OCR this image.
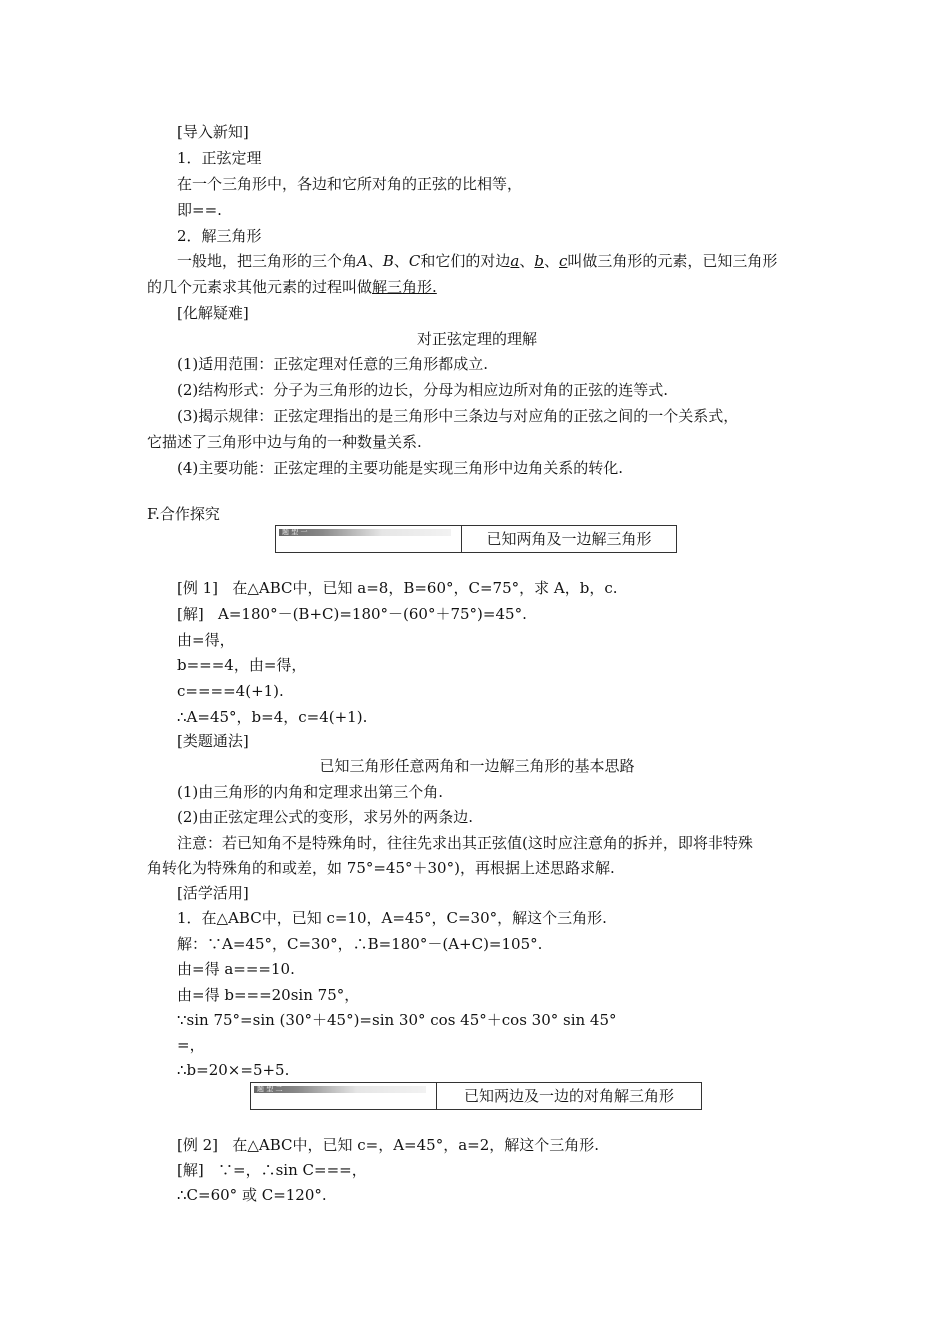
[导入新知]
1．正弦定理
在一个三角形中，各边和它所对角的正弦的比相等，
即==.
2．解三角形
一般地，把三角形的三个角A、B、C和它们的对边a、b、c叫做三角形的元素，已知三角形
的几个元素求其他元素的过程叫做解三角形.
[化解疑难]
对正弦定理的理解
(1)适用范围：正弦定理对任意的三角形都成立.
(2)结构形式：分子为三角形的边长，分母为相应边所对角的正弦的连等式.
(3)揭示规律：正弦定理指出的是三角形中三条边与对应角的正弦之间的一个关系式，
它描述了三角形中边与角的一种数量关系.
(4)主要功能：正弦定理的主要功能是实现三角形中边角关系的转化.
F.合作探究
题 型 一	已知两角及一边解三角形
[例 1] 在△ABC中，已知 a=8，B=60°，C=75°，求 A，b，c.
[解] A=180°－(B+C)=180°－(60°＋75°)=45°.
由=得，
b===4，由=得，
c====4(+1).
∴A=45°，b=4，c=4(+1).
[类题通法]
已知三角形任意两角和一边解三角形的基本思路
(1)由三角形的内角和定理求出第三个角.
(2)由正弦定理公式的变形，求另外的两条边.
注意：若已知角不是特殊角时，往往先求出其正弦值(这时应注意角的拆并，即将非特殊
角转化为特殊角的和或差，如 75°=45°＋30°)，再根据上述思路求解.
[活学活用]
1．在△ABC中，已知 c=10，A=45°，C=30°，解这个三角形.
解：∵A=45°，C=30°，∴B=180°－(A+C)=105°.
由=得 a===10.
由=得 b===20sin 75°，
∵sin 75°=sin (30°＋45°)=sin 30° cos 45°＋cos 30° sin 45°
=，
∴b=20×=5+5.
题 型 二	已知两边及一边的对角解三角形
[例 2] 在△ABC中，已知 c=，A=45°，a=2，解这个三角形.
[解] ∵=，∴sin C===，
∴C=60° 或 C=120°.
